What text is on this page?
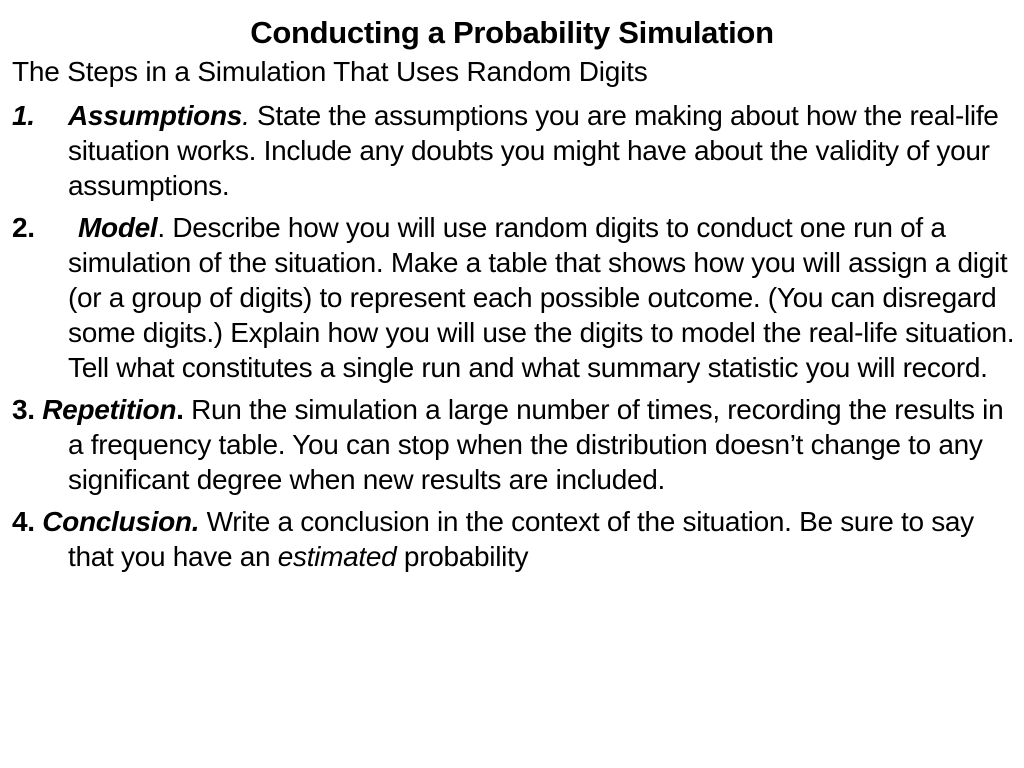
Conducting a Probability Simulation
The Steps in a Simulation That Uses Random Digits
1. Assumptions. State the assumptions you are making about how the real-life situation works. Include any doubts you might have about the validity of your assumptions.
2. Model. Describe how you will use random digits to conduct one run of a simulation of the situation. Make a table that shows how you will assign a digit (or a group of digits) to represent each possible outcome. (You can disregard some digits.) Explain how you will use the digits to model the real-life situation. Tell what constitutes a single run and what summary statistic you will record.
3. Repetition. Run the simulation a large number of times, recording the results in a frequency table. You can stop when the distribution doesn’t change to any significant degree when new results are included.
4. Conclusion. Write a conclusion in the context of the situation. Be sure to say that you have an estimated probability
